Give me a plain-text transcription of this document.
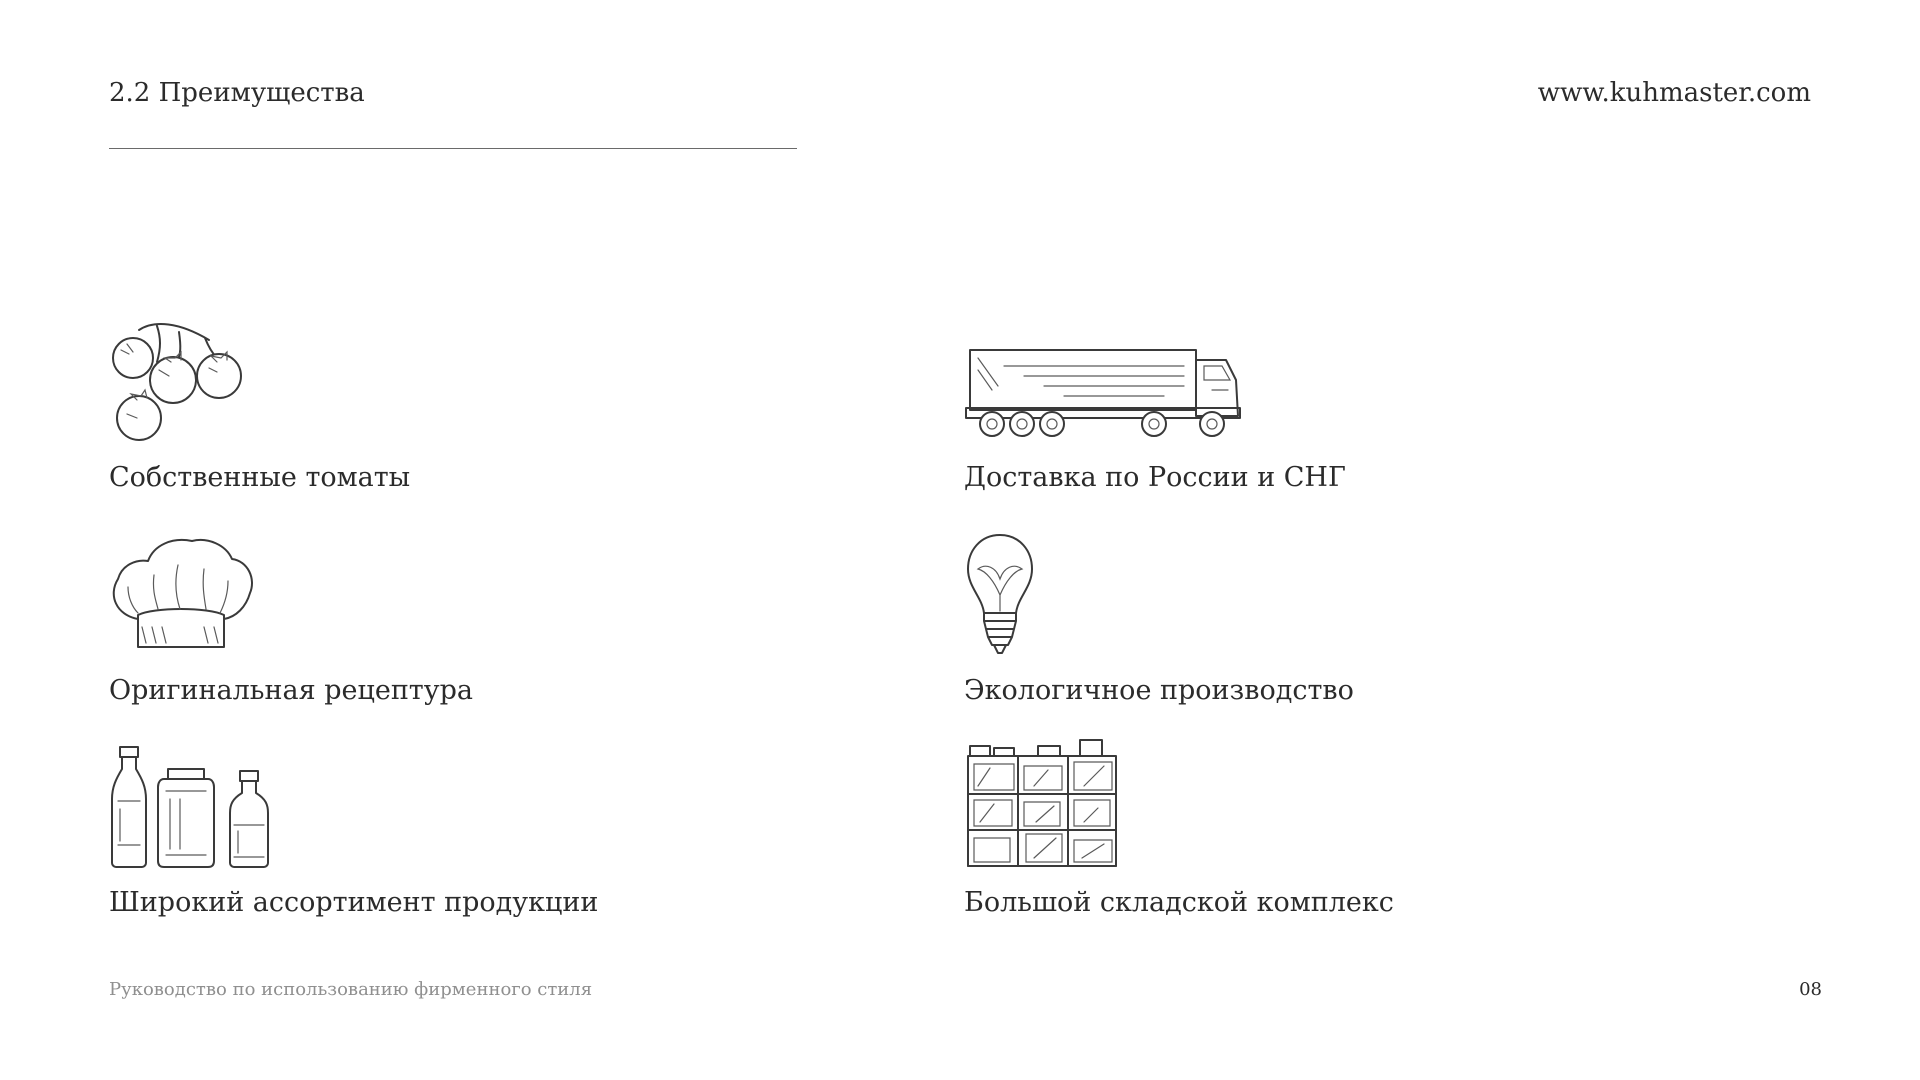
2.2 Преимущества	www.kuhmaster.com
Собственные томаты	Доставка по России и СНГ
Оригинальная рецептура	Экологичное производство
Широкий ассортимент продукции	Большой складской комплекс
Руководство по использованию фирменного стиля	08
